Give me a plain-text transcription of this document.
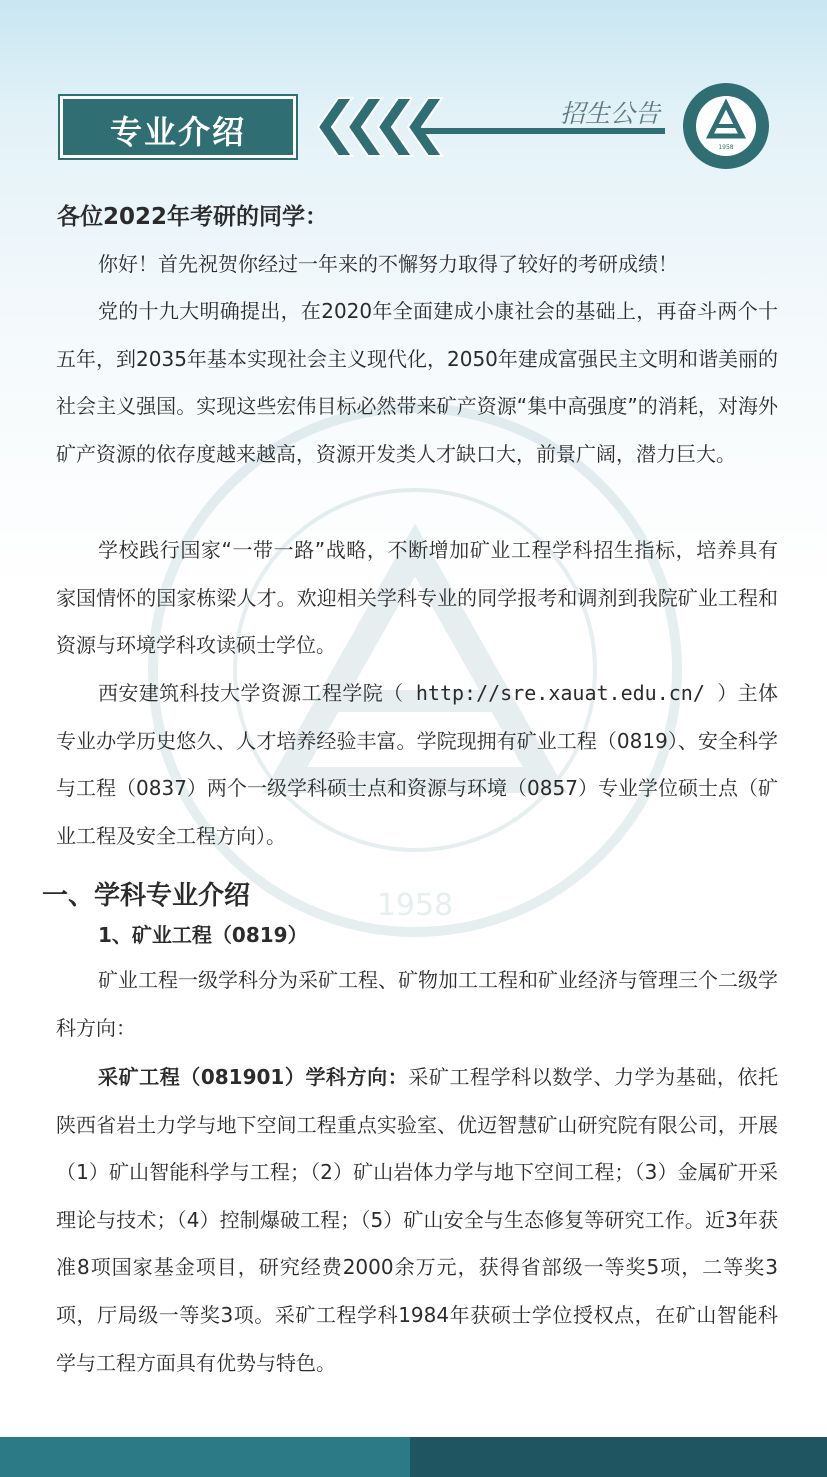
1958
专业介绍	招生公告
1958
各位2022年考研的同学：
你好！首先祝贺你经过一年来的不懈努力取得了较好的考研成绩！
党的十九大明确提出，在2020年全面建成小康社会的基础上，再奋斗两个十五年，到2035年基本实现社会主义现代化，2050年建成富强民主文明和谐美丽的社会主义强国。实现这些宏伟目标必然带来矿产资源“集中高强度”的消耗，对海外矿产资源的依存度越来越高，资源开发类人才缺口大，前景广阔，潜力巨大。
学校践行国家“一带一路”战略，不断增加矿业工程学科招生指标，培养具有家国情怀的国家栋梁人才。欢迎相关学科专业的同学报考和调剂到我院矿业工程和资源与环境学科攻读硕士学位。
西安建筑科技大学资源工程学院（ http://sre.xauat.edu.cn/ ）主体专业办学历史悠久、人才培养经验丰富。学院现拥有矿业工程（0819）、安全科学与工程（0837）两个一级学科硕士点和资源与环境（0857）专业学位硕士点（矿业工程及安全工程方向）。
一、学科专业介绍
1、矿业工程（0819）
矿业工程一级学科分为采矿工程、矿物加工工程和矿业经济与管理三个二级学科方向：
采矿工程（081901）学科方向：采矿工程学科以数学、力学为基础，依托陕西省岩土力学与地下空间工程重点实验室、优迈智慧矿山研究院有限公司，开展（1）矿山智能科学与工程；（2）矿山岩体力学与地下空间工程；（3）金属矿开采理论与技术；（4）控制爆破工程；（5）矿山安全与生态修复等研究工作。近3年获准8项国家基金项目，研究经费2000余万元，获得省部级一等奖5项，二等奖3项，厅局级一等奖3项。采矿工程学科1984年获硕士学位授权点，在矿山智能科学与工程方面具有优势与特色。
